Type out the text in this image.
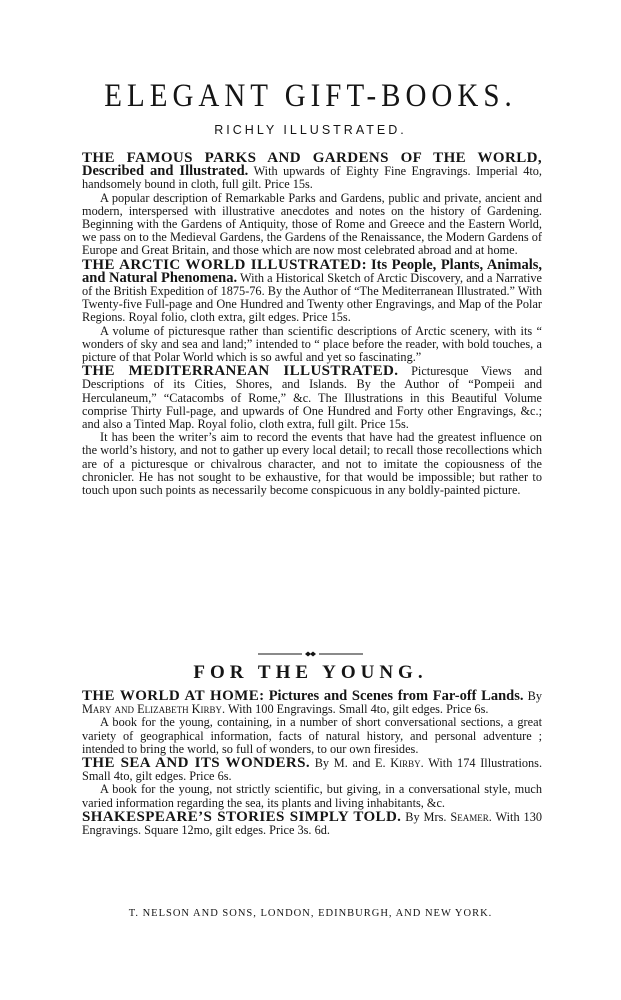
ELEGANT GIFT-BOOKS.

RICHLY ILLUSTRATED.

THE FAMOUS PARKS AND GARDENS OF THE WORLD, Described and Illustrated. With upwards of Eighty Fine Engravings. Imperial 4to, handsomely bound in cloth, full gilt. Price 15s.

A popular description of Remarkable Parks and Gardens, public and private, ancient and modern, interspersed with illustrative anecdotes and notes on the history of Gardening. Beginning with the Gardens of Antiquity, those of Rome and Greece and the Eastern World, we pass on to the Medieval Gardens, the Gardens of the Renaissance, the Modern Gardens of Europe and Great Britain, and those which are now most celebrated abroad and at home.

THE ARCTIC WORLD ILLUSTRATED: Its People, Plants, Animals, and Natural Phenomena. With a Historical Sketch of Arctic Discovery, and a Narrative of the British Expedition of 1875-76. By the Author of “The Mediterranean Illustrated.” With Twenty-five Full-page and One Hundred and Twenty other Engravings, and Map of the Polar Regions. Royal folio, cloth extra, gilt edges. Price 15s.

A volume of picturesque rather than scientific descriptions of Arctic scenery, with its “ wonders of sky and sea and land;” intended to “ place before the reader, with bold touches, a picture of that Polar World which is so awful and yet so fascinating.”

THE MEDITERRANEAN ILLUSTRATED. Picturesque Views and Descriptions of its Cities, Shores, and Islands. By the Author of “Pompeii and Herculaneum,” “Catacombs of Rome,” &c. The Illustrations in this Beautiful Volume comprise Thirty Full-page, and upwards of One Hundred and Forty other Engravings, &c.; and also a Tinted Map. Royal folio, cloth extra, full gilt. Price 15s.

It has been the writer’s aim to record the events that have had the greatest influence on the world’s history, and not to gather up every local detail; to recall those recollections which are of a picturesque or chivalrous character, and not to imitate the copiousness of the chronicler. He has not sought to be exhaustive, for that would be impossible; but rather to touch upon such points as necessarily become conspicuous in any boldly-painted picture.

FOR THE YOUNG.

THE WORLD AT HOME: Pictures and Scenes from Far-off Lands. By Mary and Elizabeth Kirby. With 100 Engravings. Small 4to, gilt edges. Price 6s.

A book for the young, containing, in a number of short conversational sections, a great variety of geographical information, facts of natural history, and personal adventure ; intended to bring the world, so full of wonders, to our own firesides.

THE SEA AND ITS WONDERS. By M. and E. Kirby. With 174 Illustrations. Small 4to, gilt edges. Price 6s.

A book for the young, not strictly scientific, but giving, in a conversational style, much varied information regarding the sea, its plants and living inhabitants, &c.

SHAKESPEARE’S STORIES SIMPLY TOLD. By Mrs. Seamer. With 130 Engravings. Square 12mo, gilt edges. Price 3s. 6d.

T. NELSON AND SONS, LONDON, EDINBURGH, AND NEW YORK.
